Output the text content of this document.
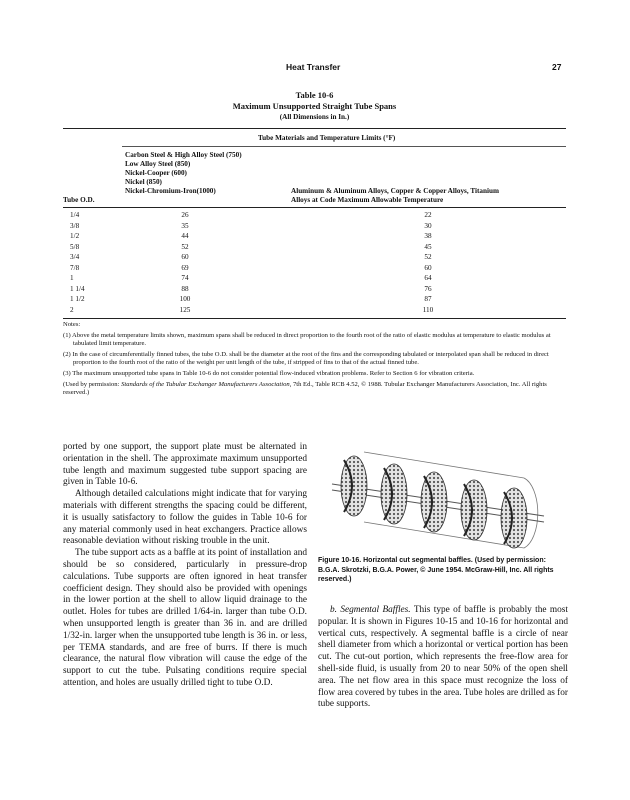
Heat Transfer	27
Table 10-6
Maximum Unsupported Straight Tube Spans
(All Dimensions in In.)
Tube Materials and Temperature Limits (°F)
Tube O.D.
Carbon Steel & High Alloy Steel (750)
Low Alloy Steel (850)
Nickel-Cooper (600)
Nickel (850)
Nickel-Chromium-Iron(1000)	Aluminum & Aluminum Alloys, Copper & Copper Alloys, Titanium
Alloys at Code Maximum Allowable Temperature
1/4	26	22
3/8	35	30
1/2	44	38
5/8	52	45
3/4	60	52
7/8	69	60
1	74	64
1 1/4	88	76
1 1/2	100	87
2	125	110

Notes:

(1) Above the metal temperature limits shown, maximum spans shall be reduced in direct proportion to the fourth root of the ratio of elastic modulus at temperature to elastic modulus at tabulated limit temperature.

(2) In the case of circumferentially finned tubes, the tube O.D. shall be the diameter at the root of the fins and the corresponding tabulated or interpolated span shall be reduced in direct proportion to the fourth root of the ratio of the weight per unit length of the tube, if stripped of fins to that of the actual finned tube.

(3) The maximum unsupported tube spans in Table 10-6 do not consider potential flow-induced vibration problems. Refer to Section 6 for vibration criteria.

(Used by permission: Standards of the Tubular Exchanger Manufacturers Association, 7th Ed., Table RCB 4.52, © 1988. Tubular Exchanger Manufacturers Association, Inc. All rights reserved.)

ported by one support, the support plate must be alternated in orientation in the shell. The approximate maximum unsupported tube length and maximum suggested tube support spacing are given in Table 10-6.

Although detailed calculations might indicate that for varying materials with different strengths the spacing could be different, it is usually satisfactory to follow the guides in Table 10-6 for any material commonly used in heat exchangers. Practice allows reasonable deviation without risking trouble in the unit.

The tube support acts as a baffle at its point of installation and should be so considered, particularly in pressure-drop calculations. Tube supports are often ignored in heat transfer coefficient design. They should also be provided with openings in the lower portion at the shell to allow liquid drainage to the outlet. Holes for tubes are drilled 1/64-in. larger than tube O.D. when unsupported length is greater than 36 in. and are drilled 1/32-in. larger when the unsupported tube length is 36 in. or less, per TEMA standards, and are free of burrs. If there is much clearance, the natural flow vibration will cause the edge of the support to cut the tube. Pulsating conditions require special attention, and holes are usually drilled tight to tube O.D.

Figure 10-16. Horizontal cut segmental baffles. (Used by permission: B.G.A. Skrotzki, B.G.A. Power, © June 1954. McGraw-Hill, Inc. All rights reserved.)

b. Segmental Baffles. This type of baffle is probably the most popular. It is shown in Figures 10-15 and 10-16 for horizontal and vertical cuts, respectively. A segmental baffle is a circle of near shell diameter from which a horizontal or vertical portion has been cut. The cut-out portion, which represents the free-flow area for shell-side fluid, is usually from 20 to near 50% of the open shell area. The net flow area in this space must recognize the loss of flow area covered by tubes in the area. Tube holes are drilled as for tube supports.
